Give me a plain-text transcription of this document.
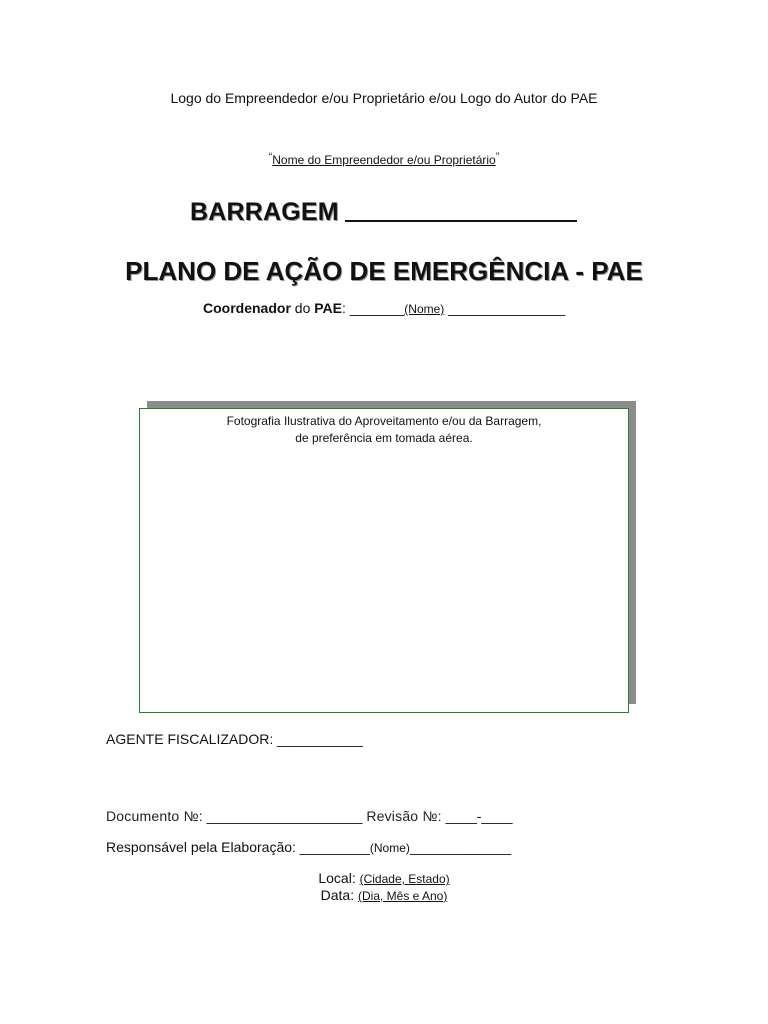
Logo do Empreendedor e/ou Proprietário e/ou Logo do Autor do PAE
“Nome do Empreendedor e/ou Proprietário”
BARRAGEM
PLANO DE AÇÃO DE EMERGÊNCIA - PAE
Coordenador do PAE: _______(Nome) _______________
Fotografia Ilustrativa do Aproveitamento e/ou da Barragem,
de preferência em tomada aérea.
AGENTE FISCALIZADOR: ___________
Documento №: ____________________ Revisão №: ____-____
Responsável pela Elaboração: _________(Nome)_____________
Local: (Cidade, Estado)
Data: (Dia, Mês e Ano)
